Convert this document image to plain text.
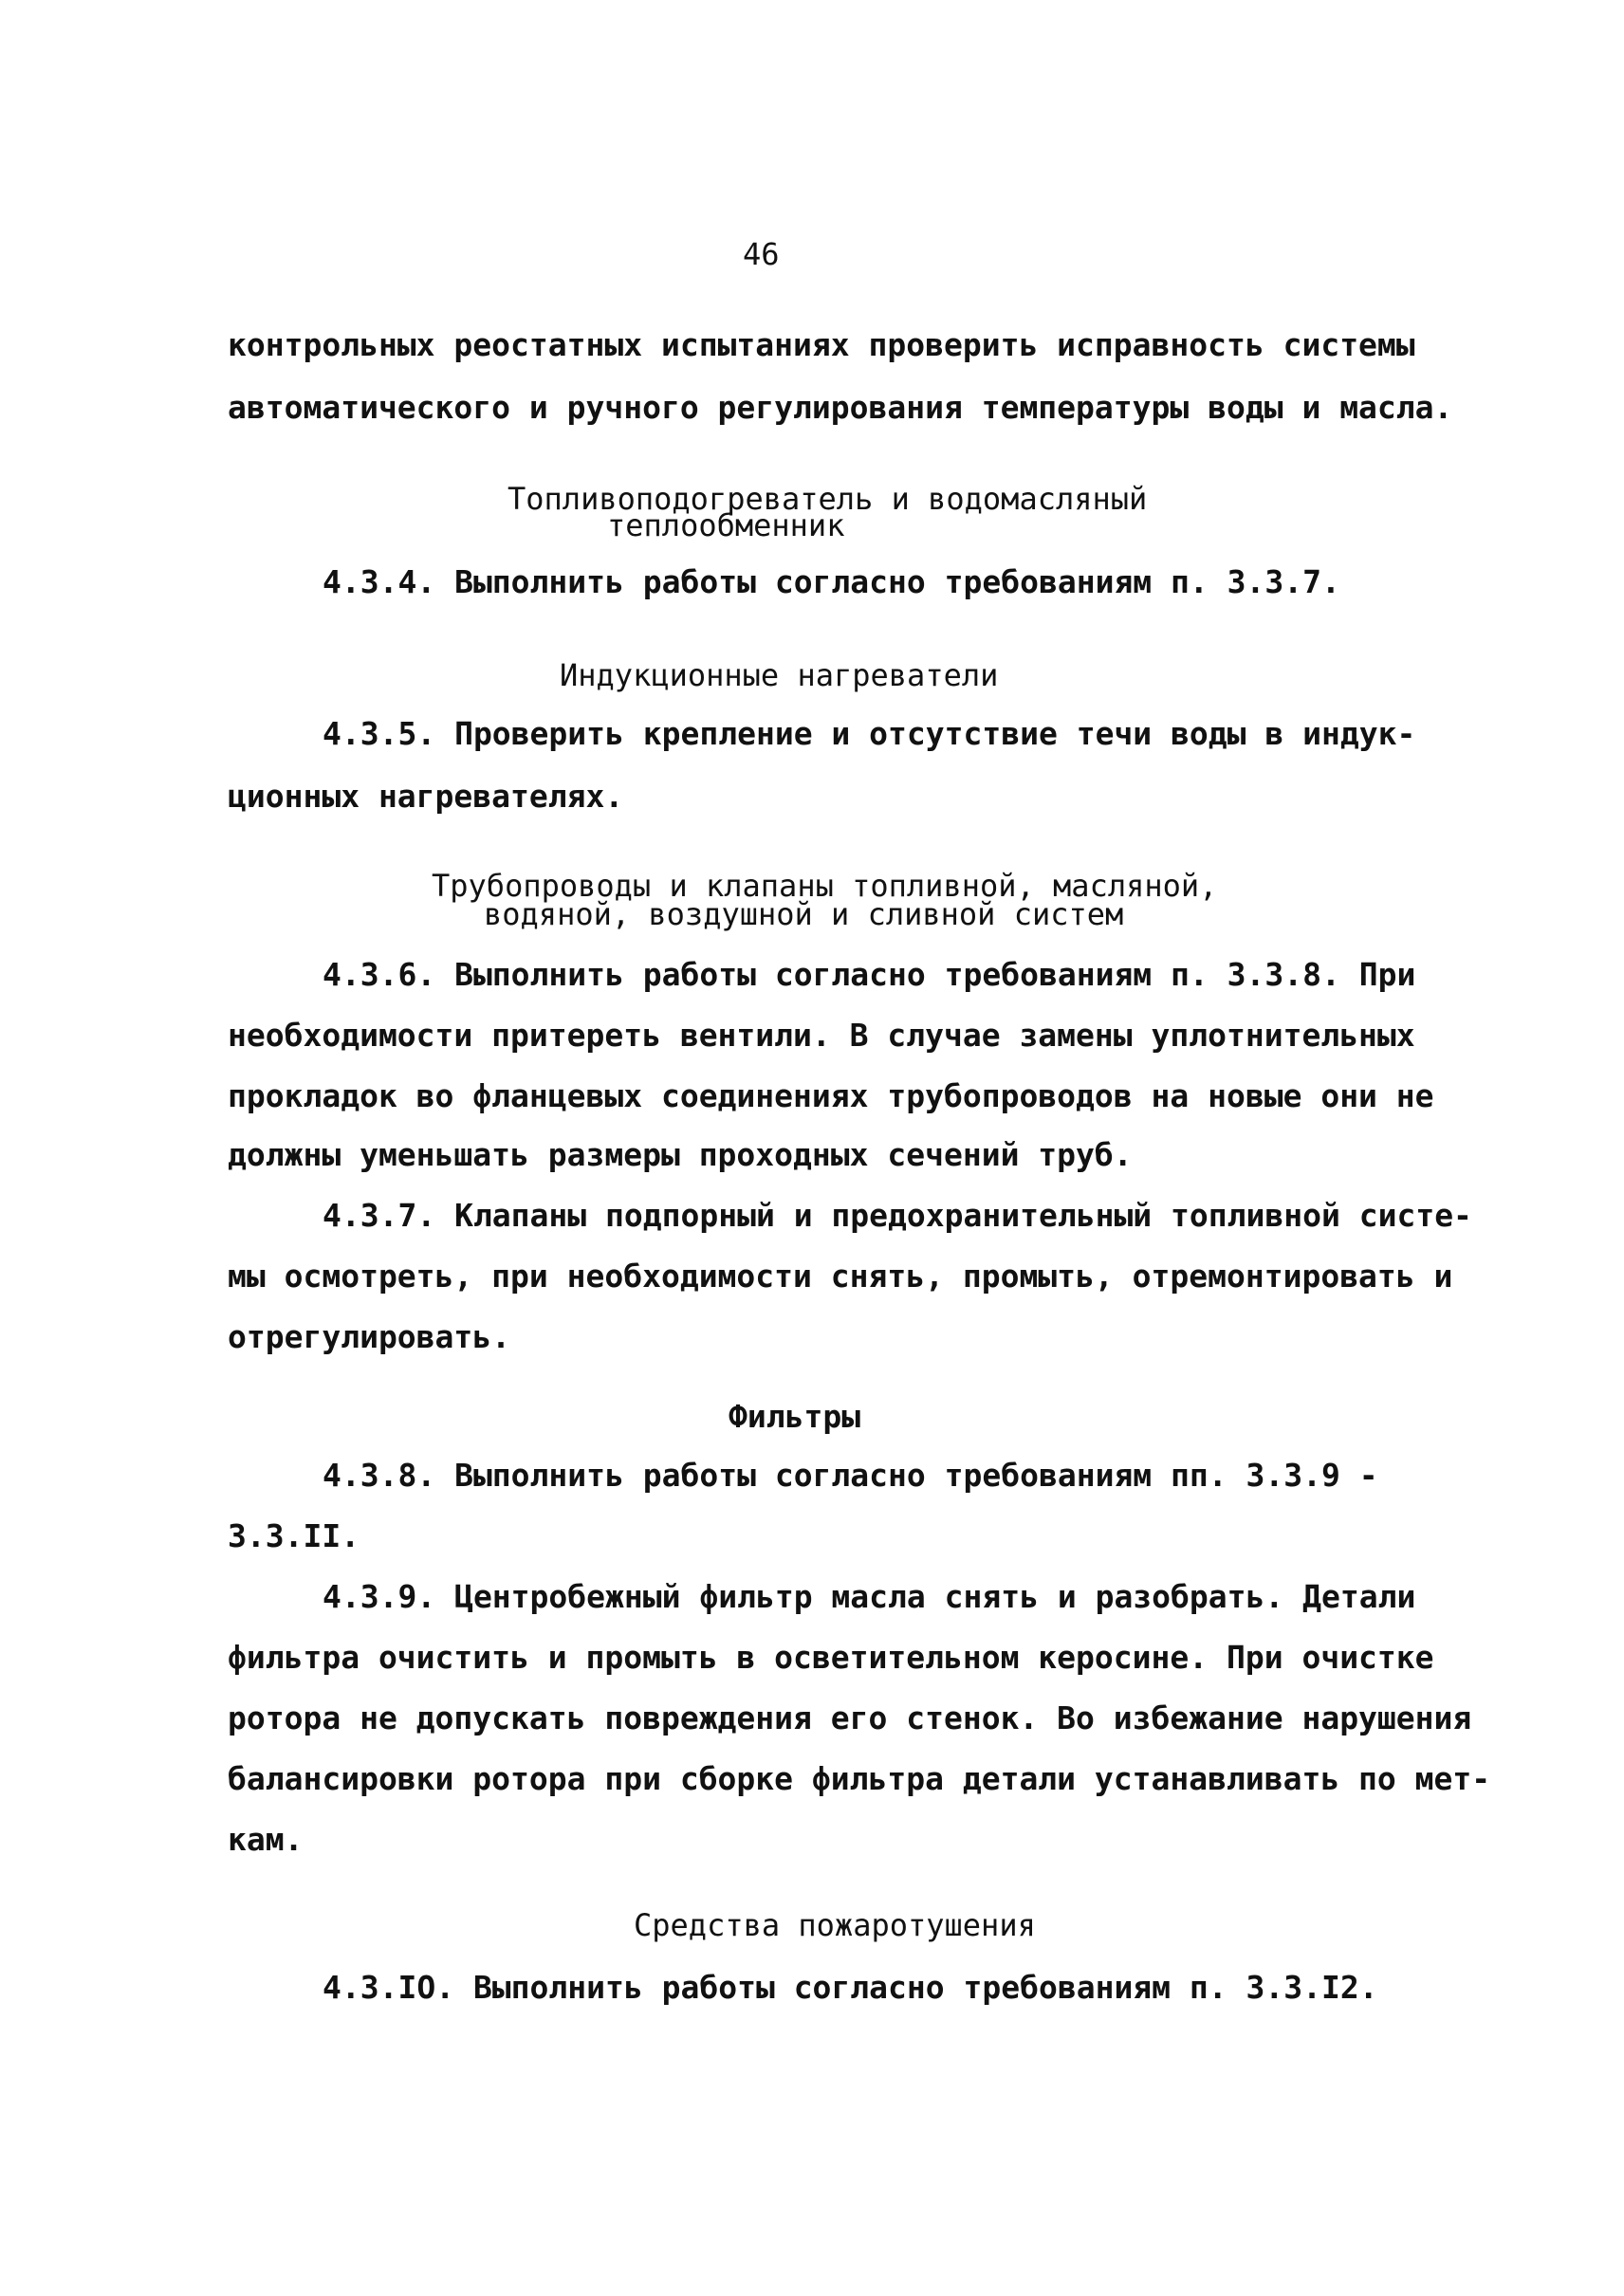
46
контрольных реостатных испытаниях проверить исправность системы
автоматического и ручного регулирования температуры воды и масла.
Топливоподогреватель и водомасляный
теплообменник
4.3.4. Выполнить работы согласно требованиям п. 3.3.7.
Индукционные нагреватели
4.3.5. Проверить крепление и отсутствие течи воды в индук-
ционных нагревателях.
Трубопроводы и клапаны топливной, масляной,
водяной, воздушной и сливной систем
4.3.6. Выполнить работы согласно требованиям п. 3.3.8. При
необходимости притереть вентили. В случае замены уплотнительных
прокладок во фланцевых соединениях трубопроводов на новые они не
должны уменьшать размеры проходных сечений труб.
4.3.7. Клапаны подпорный и предохранительный топливной систе-
мы осмотреть, при необходимости снять, промыть, отремонтировать и
отрегулировать.
Фильтры
4.3.8. Выполнить работы согласно требованиям пп. 3.3.9 -
3.3.II.
4.3.9. Центробежный фильтр масла снять и разобрать. Детали
фильтра очистить и промыть в осветительном керосине. При очистке
ротора не допускать повреждения его стенок. Во избежание нарушения
балансировки ротора при сборке фильтра детали устанавливать по мет-
кам.
Средства пожаротушения
4.3.IO. Выполнить работы согласно требованиям п. 3.3.I2.
